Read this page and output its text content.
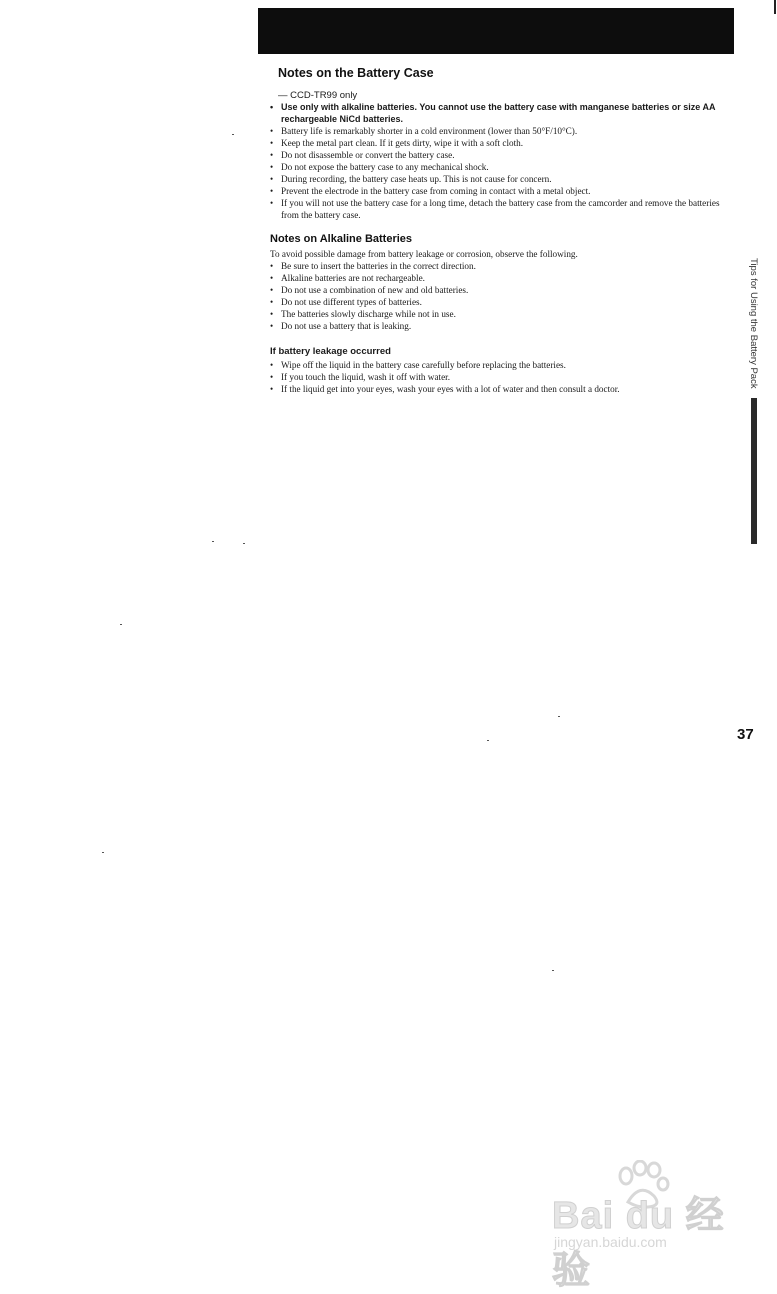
Notes on the Battery Case
— CCD-TR99 only
• Use only with alkaline batteries. You cannot use the battery case with manganese batteries or size AA rechargeable NiCd batteries.
• Battery life is remarkably shorter in a cold environment (lower than 50°F/10°C).
• Keep the metal part clean. If it gets dirty, wipe it with a soft cloth.
• Do not disassemble or convert the battery case.
• Do not expose the battery case to any mechanical shock.
• During recording, the battery case heats up. This is not cause for concern.
• Prevent the electrode in the battery case from coming in contact with a metal object.
• If you will not use the battery case for a long time, detach the battery case from the camcorder and remove the batteries from the battery case.
Notes on Alkaline Batteries

To avoid possible damage from battery leakage or corrosion, observe the following.

• Be sure to insert the batteries in the correct direction.
• Alkaline batteries are not rechargeable.
• Do not use a combination of new and old batteries.
• Do not use different types of batteries.
• The batteries slowly discharge while not in use.
• Do not use a battery that is leaking.
If battery leakage occurred
• Wipe off the liquid in the battery case carefully before replacing the batteries.
• If you touch the liquid, wash it off with water.
• If the liquid get into your eyes, wash your eyes with a lot of water and then consult a doctor.
Tips for Using the Battery Pack
37
Bai du 经验
jingyan.baidu.com
